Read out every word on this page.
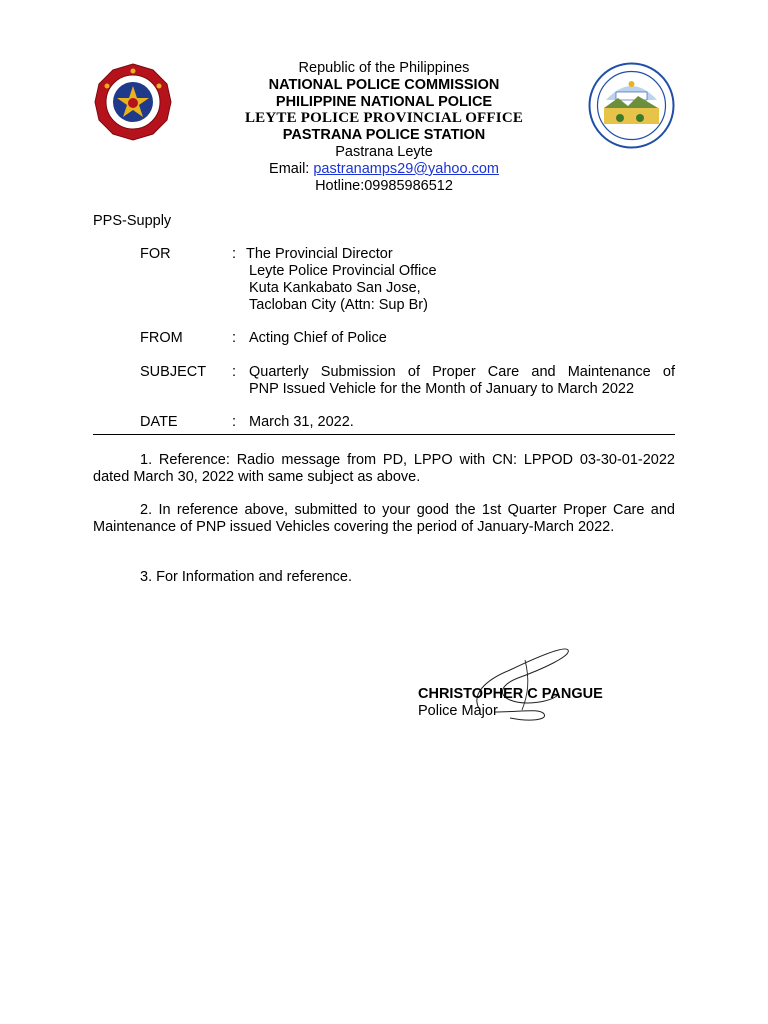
Republic of the Philippines
NATIONAL POLICE COMMISSION
PHILIPPINE NATIONAL POLICE
LEYTE POLICE PROVINCIAL OFFICE
PASTRANA POLICE STATION
Pastrana Leyte
Email: pastranamps29@yahoo.com
Hotline:09985986512
PPS-Supply
FOR	: The Provincial Director
Leyte Police Provincial Office
Kuta Kankabato San Jose,
Tacloban City (Attn: Sup Br)
FROM	: Acting Chief of Police
SUBJECT : Quarterly Submission of Proper Care and Maintenance of
PNP Issued Vehicle for the Month of January to March 2022
DATE	: March 31, 2022.
1. Reference: Radio message from PD, LPPO with CN: LPPOD 03-30-01-2022 dated March 30, 2022 with same subject as above.
2. In reference above, submitted to your good the 1st Quarter Proper Care and Maintenance of PNP issued Vehicles covering the period of January-March 2022.
3. For Information and reference.
CHRISTOPHER C PANGUE
Police Major
